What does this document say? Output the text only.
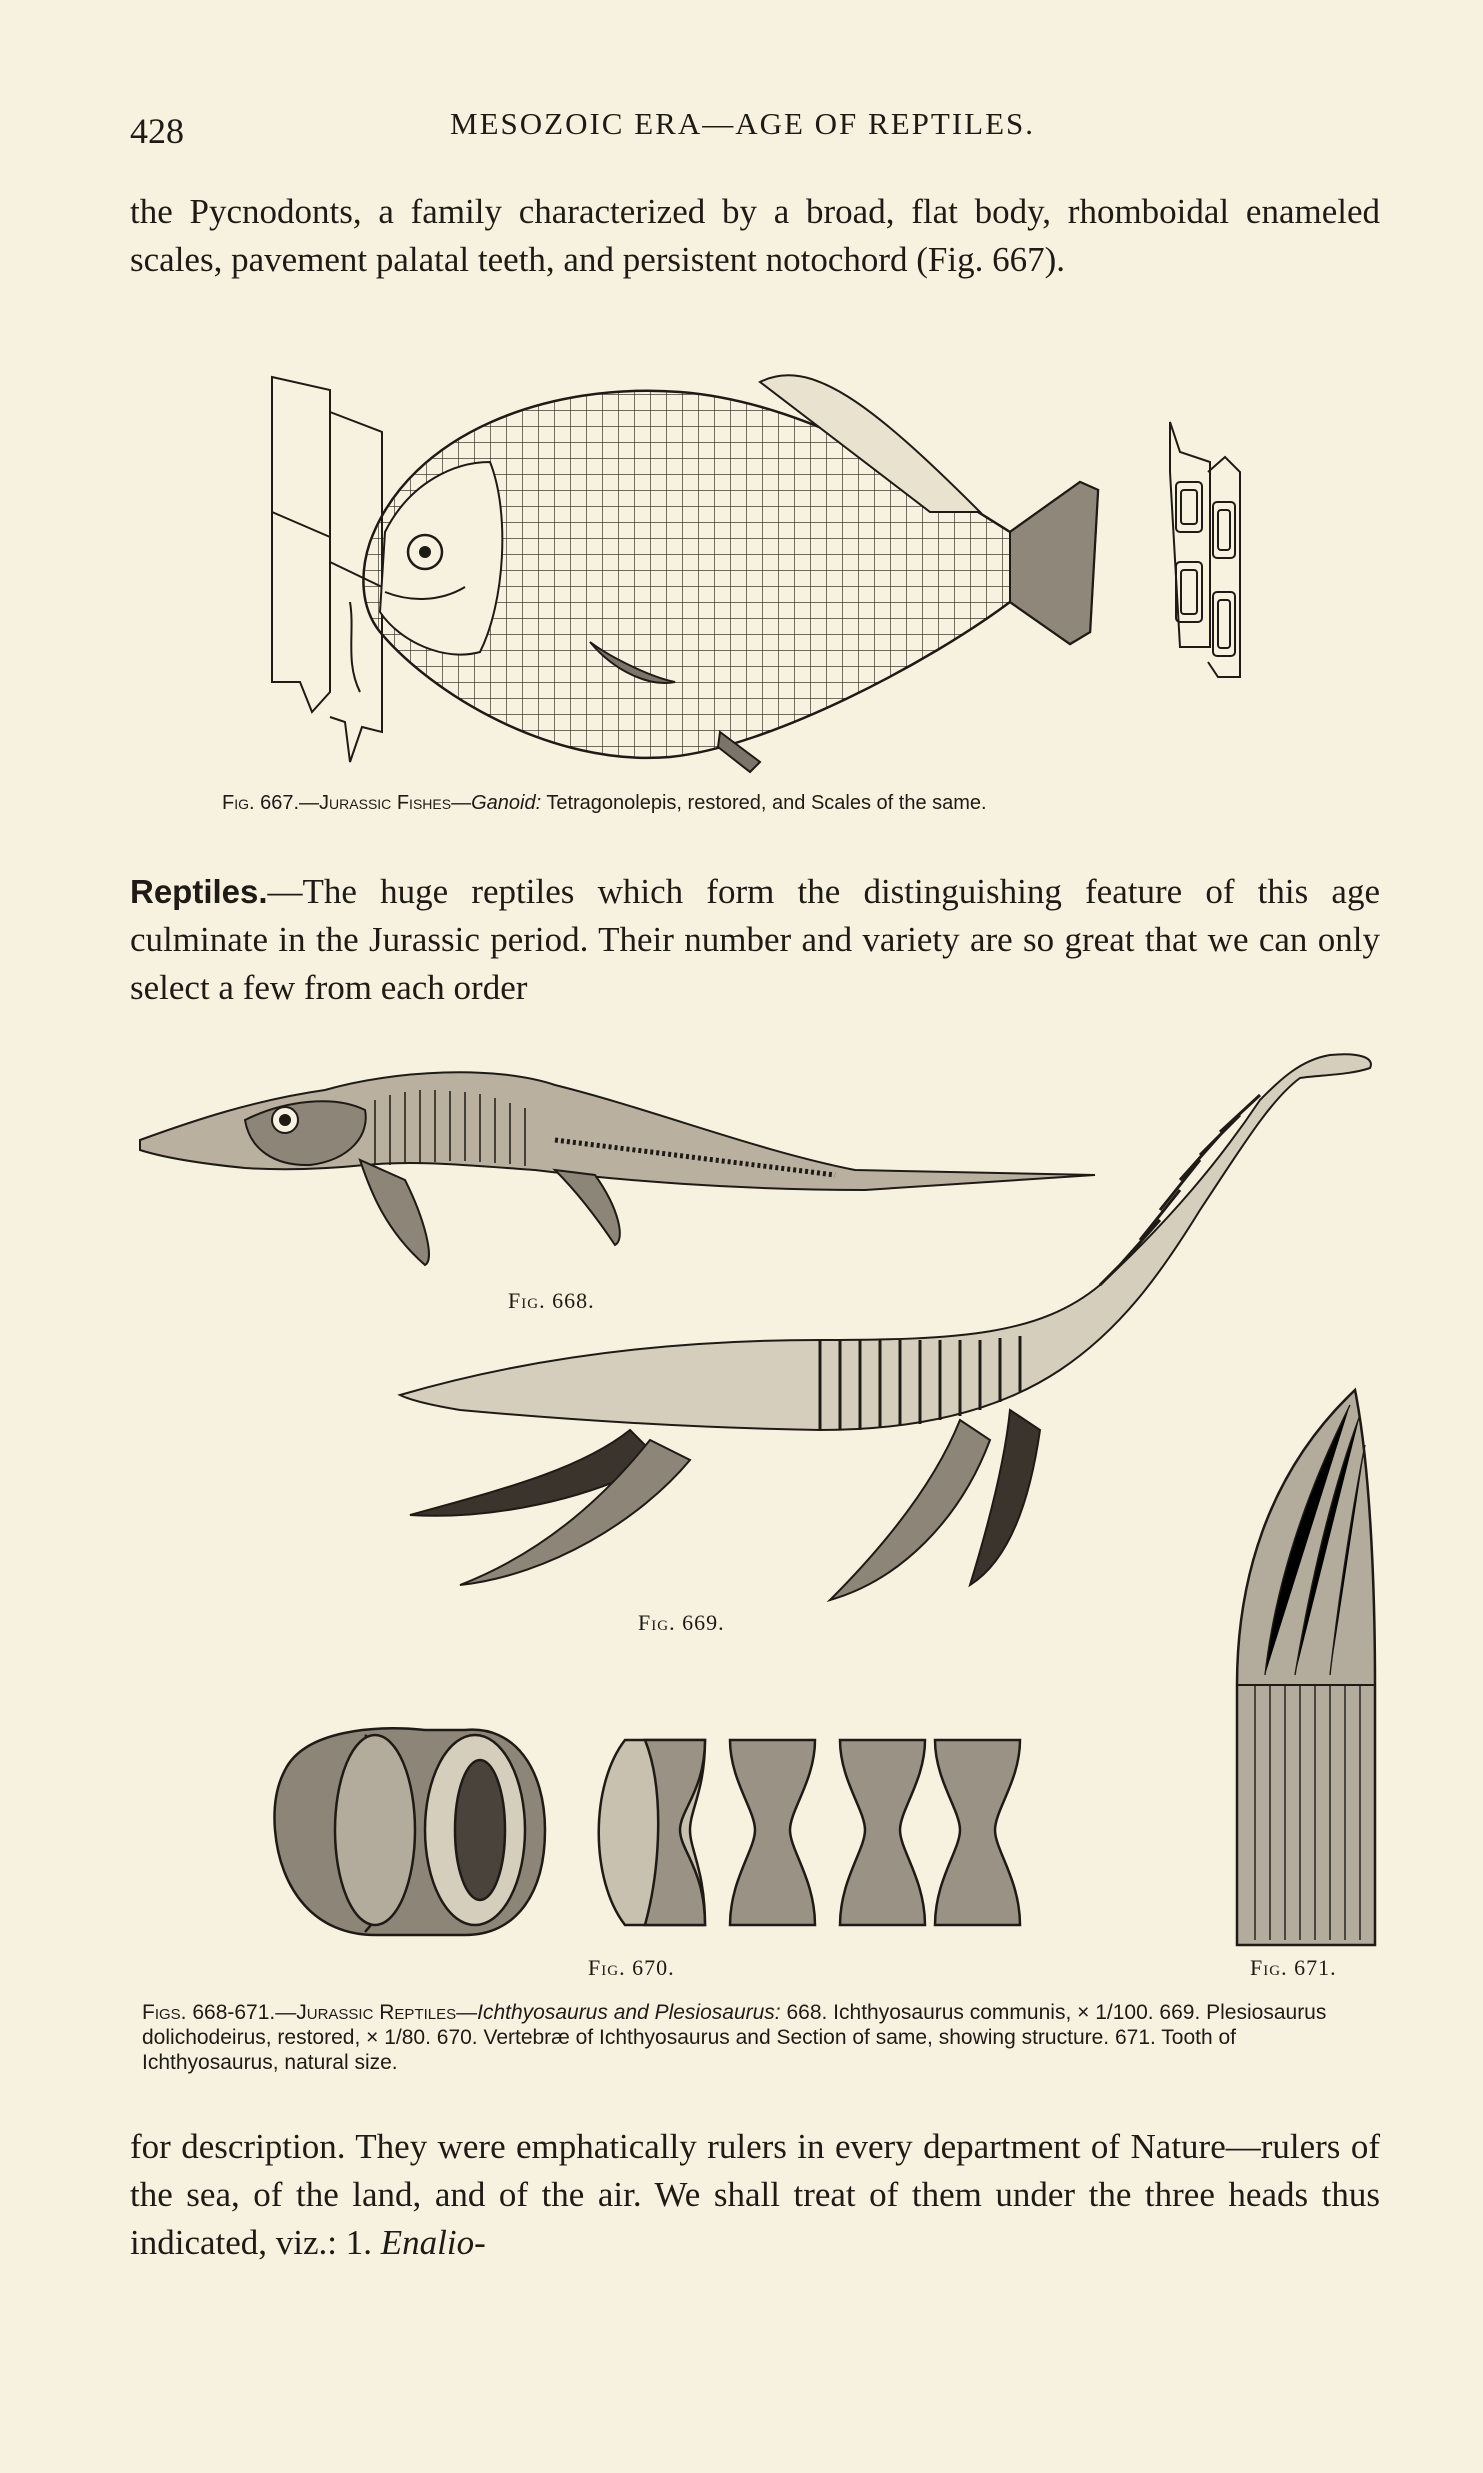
428	MESOZOIC ERA—AGE OF REPTILES.

the Pycnodonts, a family characterized by a broad, flat body, rhomboidal enameled scales, pavement palatal teeth, and persistent notochord (Fig. 667).

Fig. 667.—Jurassic Fishes—Ganoid: Tetragonolepis, restored, and Scales of the same.

Reptiles.—The huge reptiles which form the distinguishing feature of this age culminate in the Jurassic period. Their number and variety are so great that we can only select a few from each order

Fig. 668.
Fig. 669.
Fig. 670.	Fig. 671.
Figs. 668-671.—Jurassic Reptiles—Ichthyosaurus and Plesiosaurus: 668. Ichthyosaurus communis, × 1/100. 669. Plesiosaurus dolichodeirus, restored, × 1/80. 670. Vertebræ of Ichthyosaurus and Section of same, showing structure. 671. Tooth of Ichthyosaurus, natural size.

for description. They were emphatically rulers in every department of Nature—rulers of the sea, of the land, and of the air. We shall treat of them under the three heads thus indicated, viz.: 1. Enalio-
